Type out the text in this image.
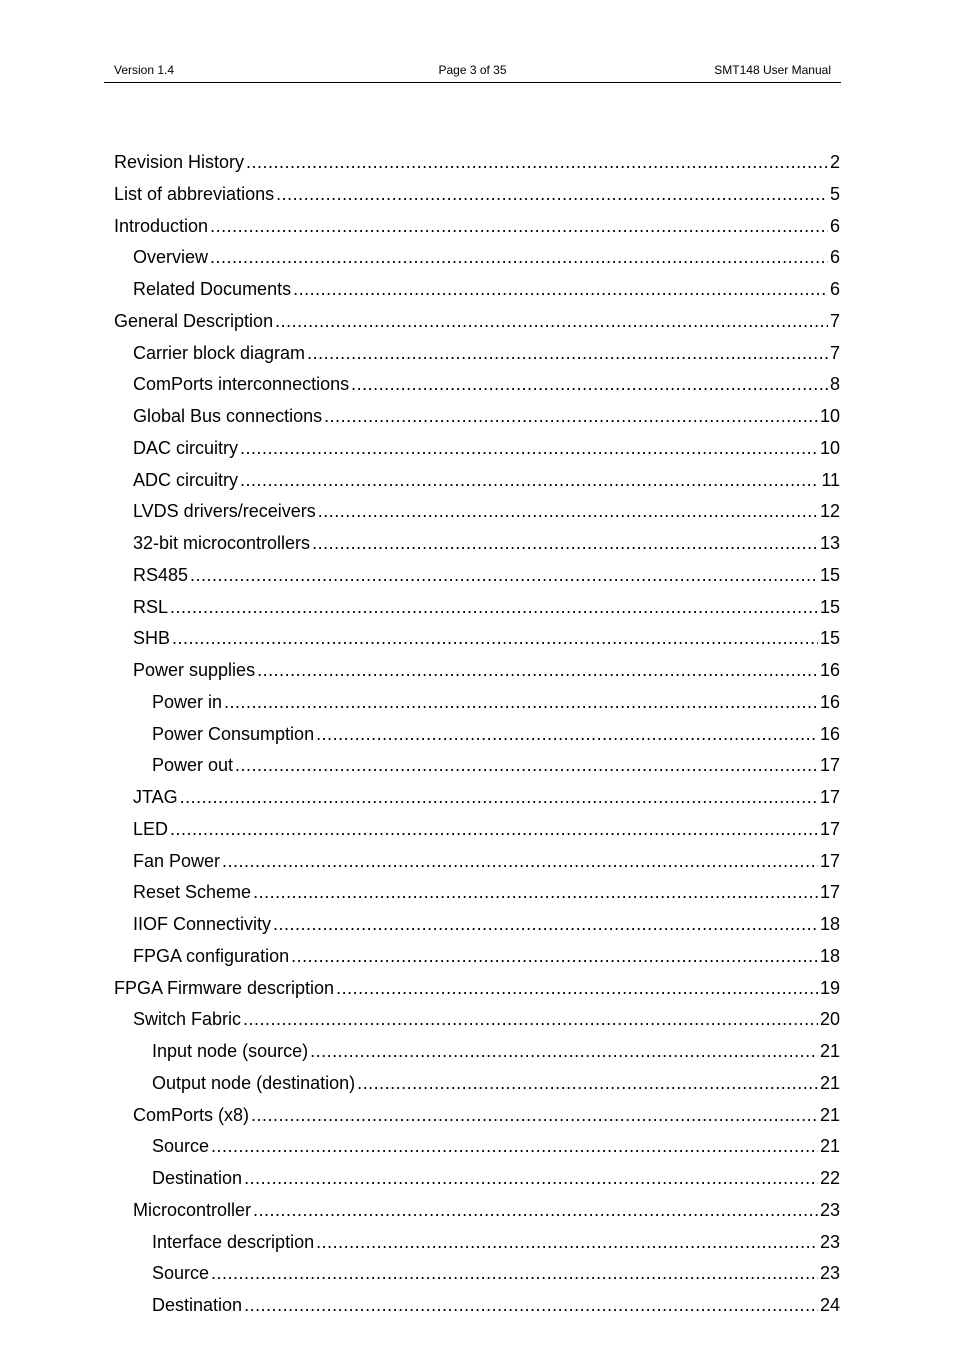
Version 1.4	Page 3 of 35	SMT148 User Manual
Revision History .....	2
List of abbreviations .....	5
Introduction .....	6
Overview .....	6
Related Documents .....	6
General Description .....	7
Carrier block diagram .....	7
ComPorts interconnections .....	8
Global Bus connections .....	10
DAC circuitry .....	10
ADC circuitry .....	11
LVDS drivers/receivers .....	12
32-bit microcontrollers .....	13
RS485 .....	15
RSL .....	15
SHB .....	15
Power supplies .....	16
Power in .....	16
Power Consumption .....	16
Power out .....	17
JTAG .....	17
LED .....	17
Fan Power .....	17
Reset Scheme .....	17
IIOF Connectivity .....	18
FPGA configuration .....	18
FPGA Firmware description .....	19
Switch Fabric .....	20
Input node (source) .....	21
Output node (destination) .....	21
ComPorts (x8) .....	21
Source .....	21
Destination .....	22
Microcontroller .....	23
Interface description .....	23
Source .....	23
Destination .....	24
